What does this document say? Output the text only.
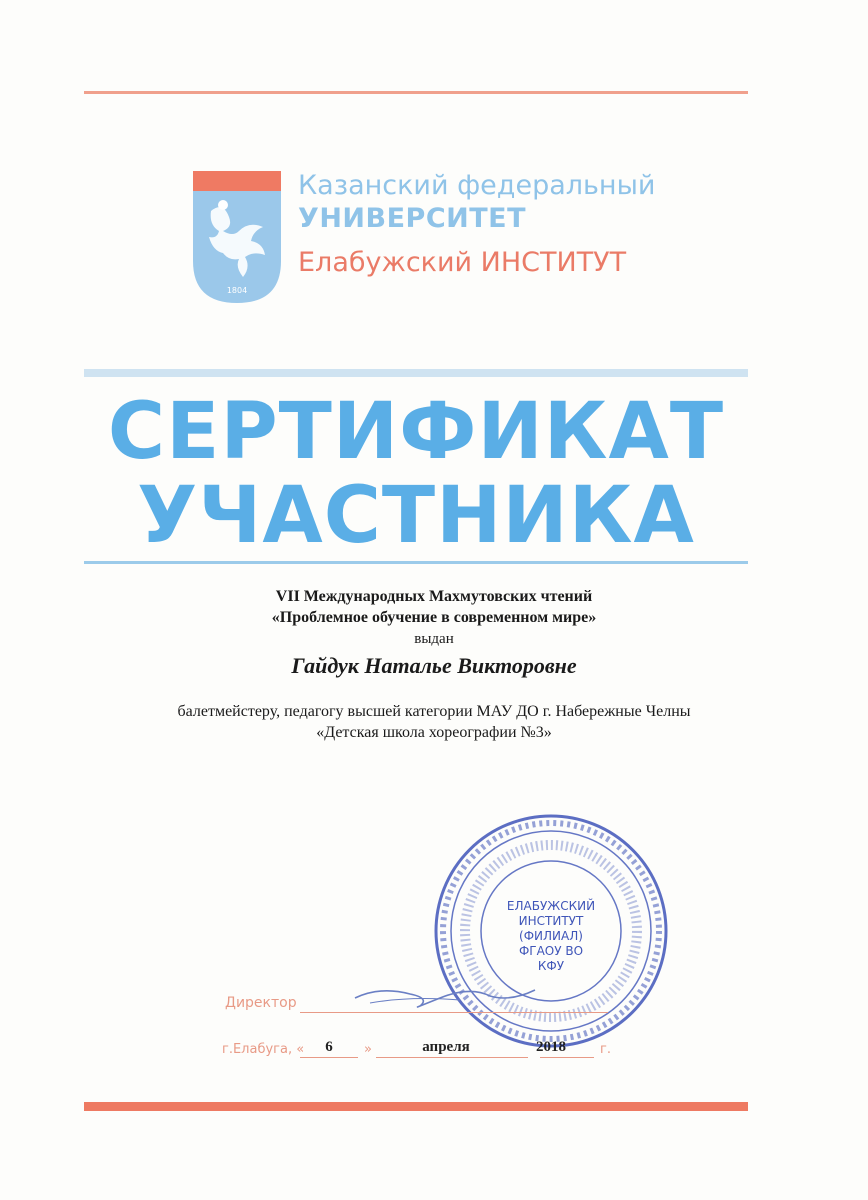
1804
Казанский федеральный
УНИВЕРСИТЕТ
Елабужский ИНСТИТУТ
СЕРТИФИКАТ
УЧАСТНИКА
VII Международных Махмутовских чтений
«Проблемное обучение в современном мире»
выдан
Гайдук Наталье Викторовне
балетмейстеру, педагогу высшей категории МАУ ДО г. Набережные Челны
«Детская школа хореографии №3»
ЕЛАБУЖСКИЙ
ИНСТИТУТ
(ФИЛИАЛ)
ФГАОУ ВО
КФУ
Директор
г.Елабуга, «	6	»	апреля	2018	г.
